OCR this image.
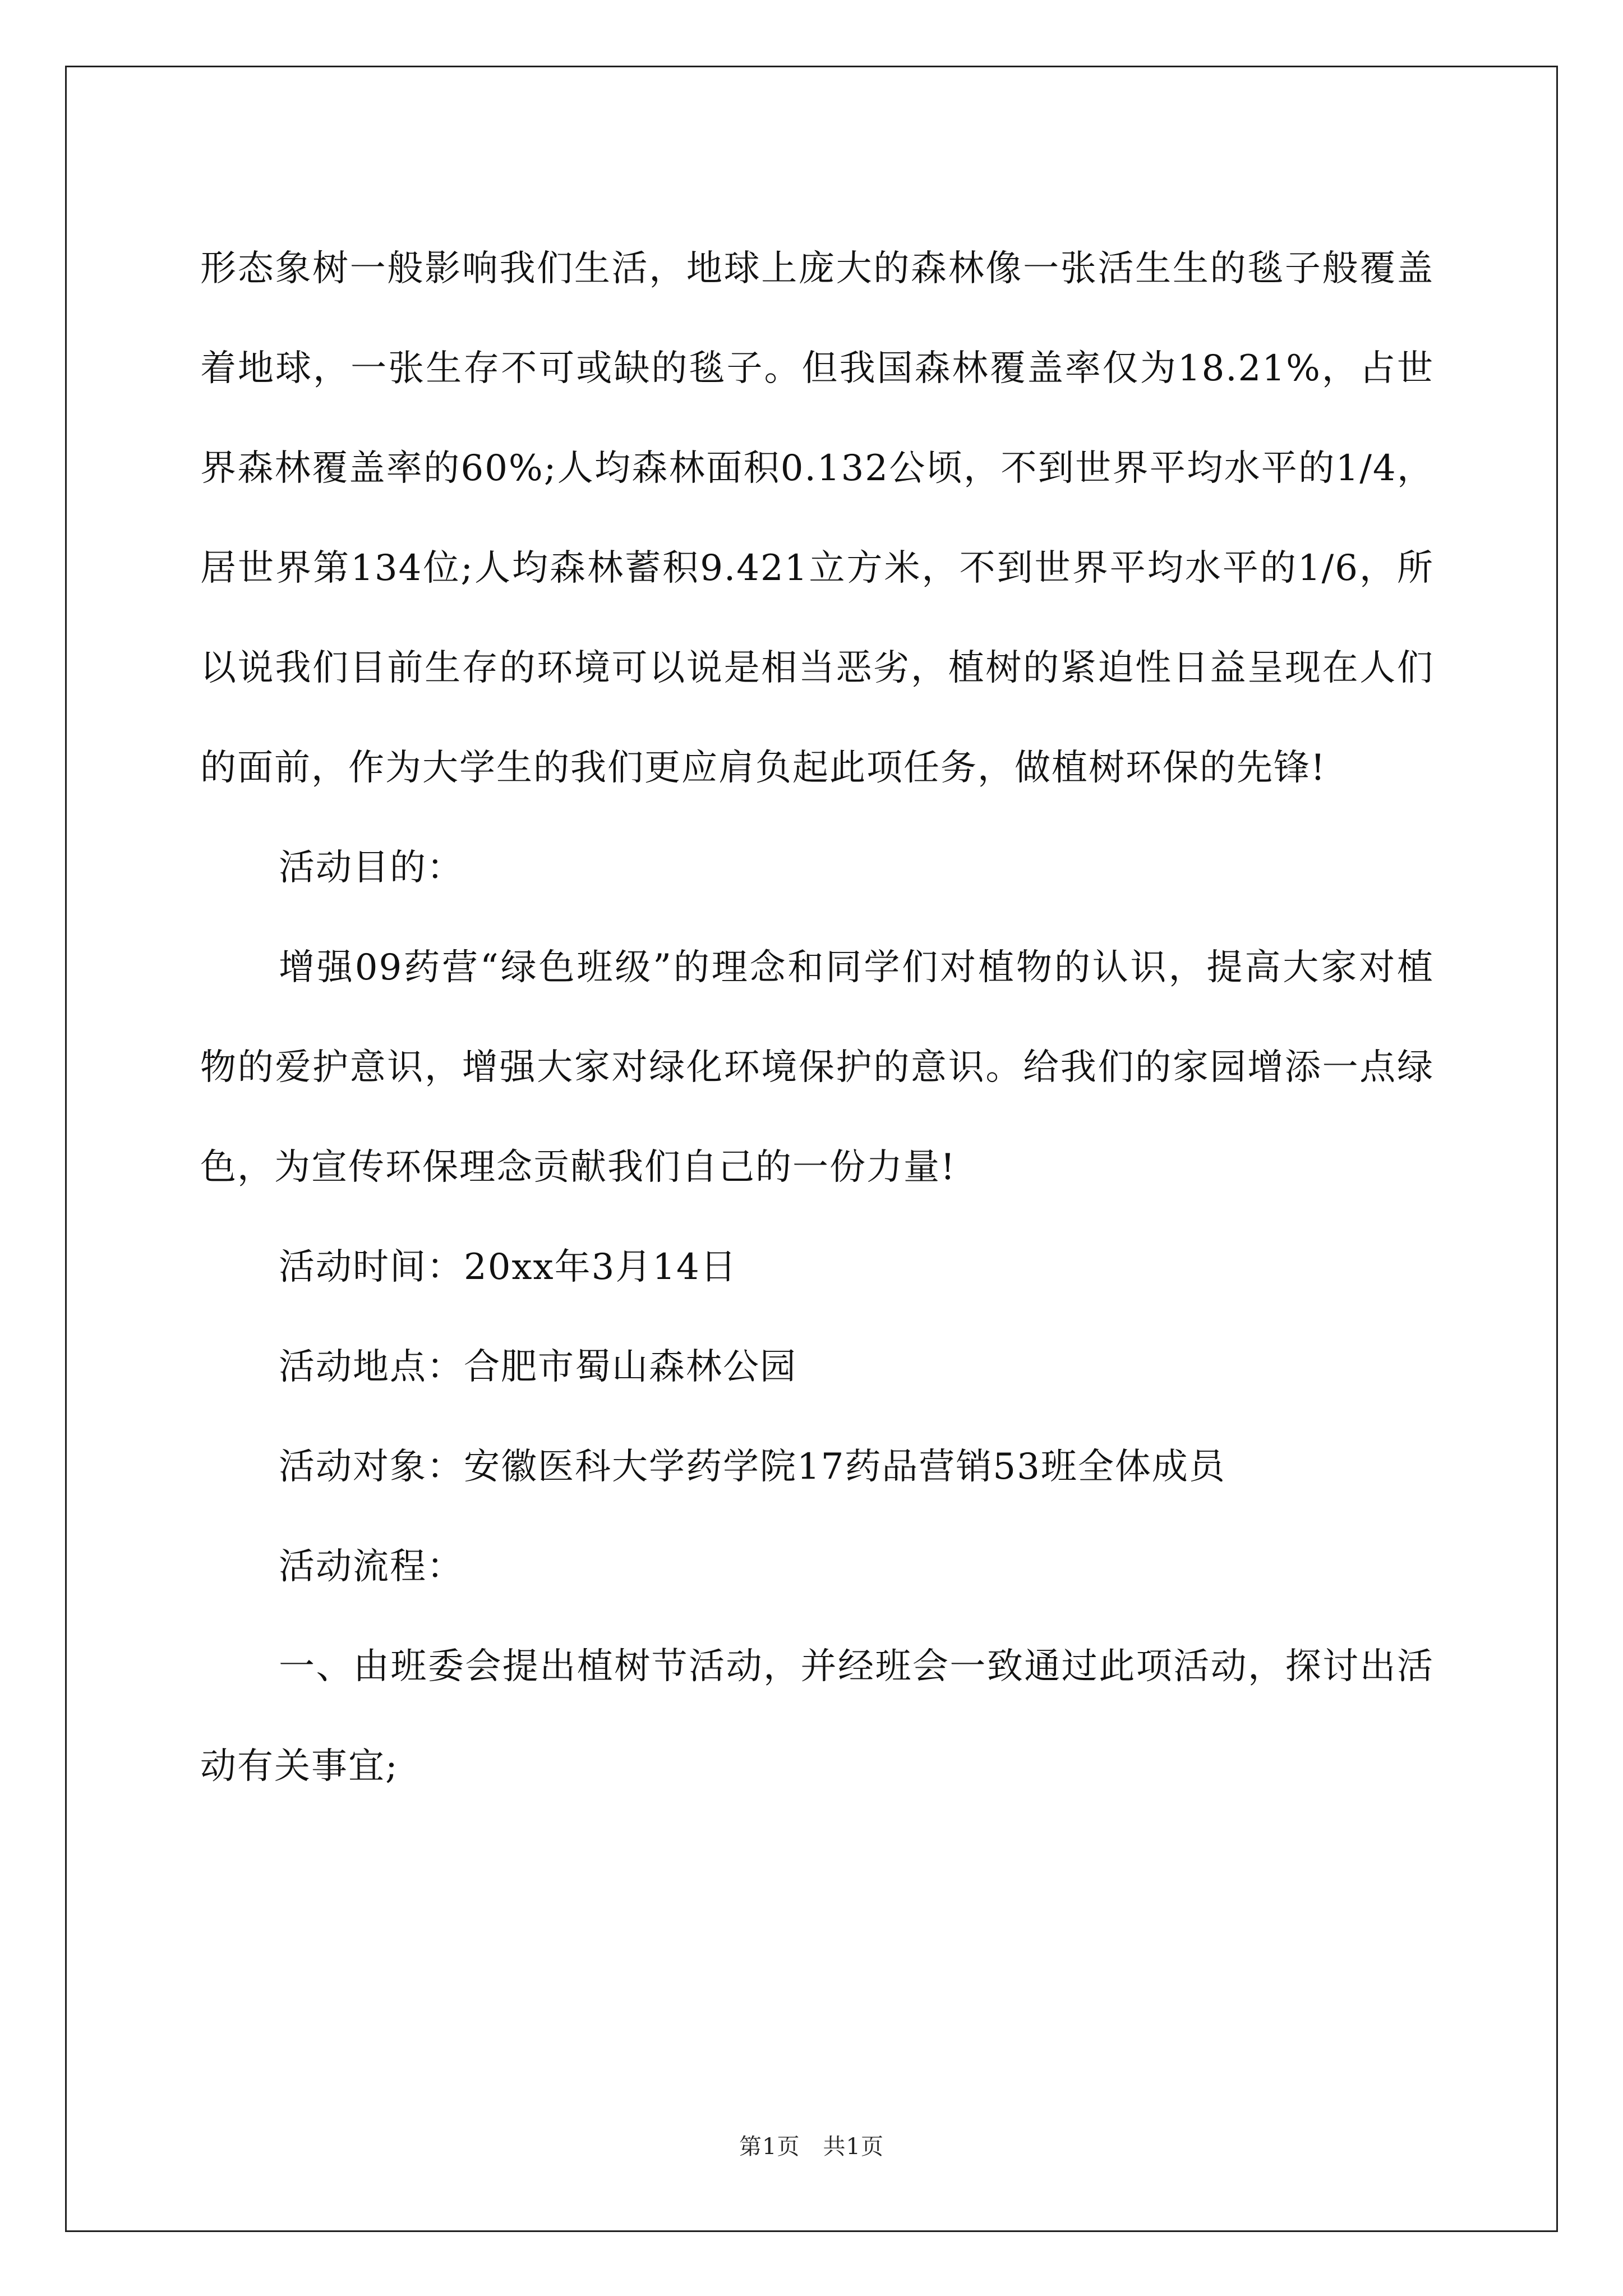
形态象树一般影响我们生活，地球上庞大的森林像一张活生生的毯子般覆盖着地球，一张生存不可或缺的毯子。但我国森林覆盖率仅为18.21%，占世界森林覆盖率的60%;人均森林面积0.132公顷，不到世界平均水平的1/4，居世界第134位;人均森林蓄积9.421立方米，不到世界平均水平的1/6，所以说我们目前生存的环境可以说是相当恶劣，植树的紧迫性日益呈现在人们的面前，作为大学生的我们更应肩负起此项任务，做植树环保的先锋!

活动目的：

增强09药营“绿色班级”的理念和同学们对植物的认识，提高大家对植物的爱护意识，增强大家对绿化环境保护的意识。给我们的家园增添一点绿色，为宣传环保理念贡献我们自己的一份力量!

活动时间：20xx年3月14日

活动地点：合肥市蜀山森林公园

活动对象：安徽医科大学药学院17药品营销53班全体成员

活动流程：

一、由班委会提出植树节活动，并经班会一致通过此项活动，探讨出活动有关事宜;

第1页　共1页
